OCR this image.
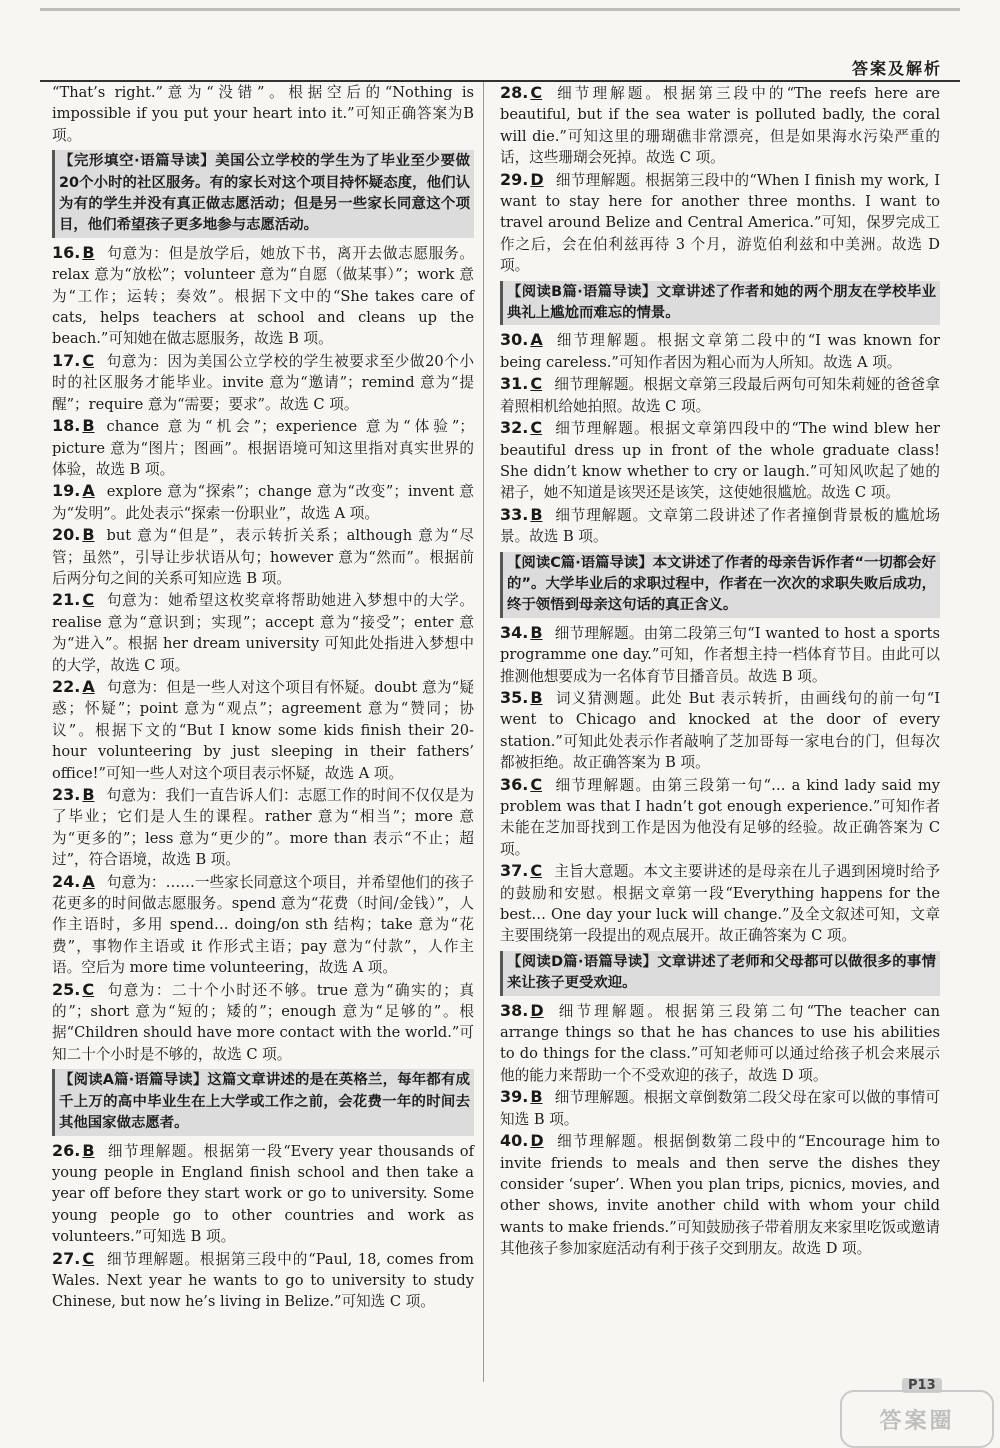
答案及解析

“That’s right.”意为“没错”。根据空后的“Nothing is impossible if you put your heart into it.”可知正确答案为B项。

【完形填空·语篇导读】美国公立学校的学生为了毕业至少要做20个小时的社区服务。有的家长对这个项目持怀疑态度，他们认为有的学生并没有真正做志愿活动；但是另一些家长同意这个项目，他们希望孩子更多地参与志愿活动。

16. B 句意为：但是放学后，她放下书，离开去做志愿服务。relax 意为“放松”；volunteer 意为“自愿（做某事）”；work 意为“工作；运转；奏效”。根据下文中的“She takes care of cats, helps teachers at school and cleans up the beach.”可知她在做志愿服务，故选 B 项。

17. C 句意为：因为美国公立学校的学生被要求至少做20个小时的社区服务才能毕业。invite 意为“邀请”；remind 意为“提醒”；require 意为“需要；要求”。故选 C 项。

18. B chance 意为“机会”；experience 意为“体验”；picture 意为“图片；图画”。根据语境可知这里指对真实世界的体验，故选 B 项。

19. A explore 意为“探索”；change 意为“改变”；invent 意为“发明”。此处表示“探索一份职业”，故选 A 项。

20. B but 意为“但是”，表示转折关系；although 意为“尽管；虽然”，引导让步状语从句；however 意为“然而”。根据前后两分句之间的关系可知应选 B 项。

21. C 句意为：她希望这枚奖章将帮助她进入梦想中的大学。realise 意为“意识到；实现”；accept 意为“接受”；enter 意为“进入”。根据 her dream university 可知此处指进入梦想中的大学，故选 C 项。

22. A 句意为：但是一些人对这个项目有怀疑。doubt 意为“疑惑；怀疑”；point 意为“观点”；agreement 意为“赞同；协议”。根据下文的“But I know some kids finish their 20-hour volunteering by just sleeping in their fathers’ office!”可知一些人对这个项目表示怀疑，故选 A 项。

23. B 句意为：我们一直告诉人们：志愿工作的时间不仅仅是为了毕业；它们是人生的课程。rather 意为“相当”；more 意为“更多的”；less 意为“更少的”。more than 表示“不止；超过”，符合语境，故选 B 项。

24. A 句意为：……一些家长同意这个项目，并希望他们的孩子花更多的时间做志愿服务。spend 意为“花费（时间/金钱）”，人作主语时，多用 spend… doing/on sth 结构；take 意为“花费”，事物作主语或 it 作形式主语；pay 意为“付款”，人作主语。空后为 more time volunteering，故选 A 项。

25. C 句意为：二十个小时还不够。true 意为“确实的；真的”；short 意为“短的；矮的”；enough 意为“足够的”。根据“Children should have more contact with the world.”可知二十个小时是不够的，故选 C 项。

【阅读A篇·语篇导读】这篇文章讲述的是在英格兰，每年都有成千上万的高中毕业生在上大学或工作之前，会花费一年的时间去其他国家做志愿者。

26. B 细节理解题。根据第一段“Every year thousands of young people in England finish school and then take a year off before they start work or go to university. Some young people go to other countries and work as volunteers.”可知选 B 项。

27. C 细节理解题。根据第三段中的“Paul, 18, comes from Wales. Next year he wants to go to university to study Chinese, but now he’s living in Belize.”可知选 C 项。

28. C 细节理解题。根据第三段中的“The reefs here are beautiful, but if the sea water is polluted badly, the coral will die.”可知这里的珊瑚礁非常漂亮，但是如果海水污染严重的话，这些珊瑚会死掉。故选 C 项。

29. D 细节理解题。根据第三段中的“When I finish my work, I want to stay here for another three months. I want to travel around Belize and Central America.”可知，保罗完成工作之后，会在伯利兹再待 3 个月，游览伯利兹和中美洲。故选 D 项。

【阅读B篇·语篇导读】文章讲述了作者和她的两个朋友在学校毕业典礼上尴尬而难忘的情景。

30. A 细节理解题。根据文章第二段中的“I was known for being careless.”可知作者因为粗心而为人所知。故选 A 项。

31. C 细节理解题。根据文章第三段最后两句可知朱莉娅的爸爸拿着照相机给她拍照。故选 C 项。

32. C 细节理解题。根据文章第四段中的“The wind blew her beautiful dress up in front of the whole graduate class! She didn’t know whether to cry or laugh.”可知风吹起了她的裙子，她不知道是该哭还是该笑，这使她很尴尬。故选 C 项。

33. B 细节理解题。文章第二段讲述了作者撞倒背景板的尴尬场景。故选 B 项。

【阅读C篇·语篇导读】本文讲述了作者的母亲告诉作者“一切都会好的”。大学毕业后的求职过程中，作者在一次次的求职失败后成功，终于领悟到母亲这句话的真正含义。

34. B 细节理解题。由第二段第三句“I wanted to host a sports programme one day.”可知，作者想主持一档体育节目。由此可以推测他想要成为一名体育节目播音员。故选 B 项。

35. B 词义猜测题。此处 But 表示转折，由画线句的前一句“I went to Chicago and knocked at the door of every station.”可知此处表示作者敲响了芝加哥每一家电台的门，但每次都被拒绝。故正确答案为 B 项。

36. C 细节理解题。由第三段第一句“… a kind lady said my problem was that I hadn’t got enough experience.”可知作者未能在芝加哥找到工作是因为他没有足够的经验。故正确答案为 C 项。

37. C 主旨大意题。本文主要讲述的是母亲在儿子遇到困境时给予的鼓励和安慰。根据文章第一段“Everything happens for the best… One day your luck will change.”及全文叙述可知，文章主要围绕第一段提出的观点展开。故正确答案为 C 项。

【阅读D篇·语篇导读】文章讲述了老师和父母都可以做很多的事情来让孩子更受欢迎。

38. D 细节理解题。根据第三段第二句“The teacher can arrange things so that he has chances to use his abilities to do things for the class.”可知老师可以通过给孩子机会来展示他的能力来帮助一个不受欢迎的孩子，故选 D 项。

39. B 细节理解题。根据文章倒数第二段父母在家可以做的事情可知选 B 项。

40. D 细节理解题。根据倒数第二段中的“Encourage him to invite friends to meals and then serve the dishes they consider ‘super’. When you plan trips, picnics, movies, and other shows, invite another child with whom your child wants to make friends.”可知鼓励孩子带着朋友来家里吃饭或邀请其他孩子参加家庭活动有利于孩子交到朋友。故选 D 项。

P13
答案圈
